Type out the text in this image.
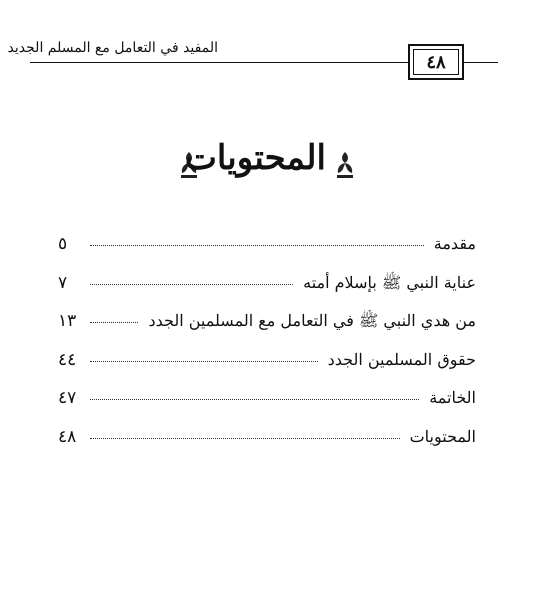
المفيد في التعامل مع المسلم الجديد
٤٨
المحتويات
مقدمة
٥
عناية النبي ﷺ بإسلام أمته
٧
من هدي النبي ﷺ في التعامل مع المسلمين الجدد
١٣
حقوق المسلمين الجدد
٤٤
الخاتمة
٤٧
المحتويات
٤٨
